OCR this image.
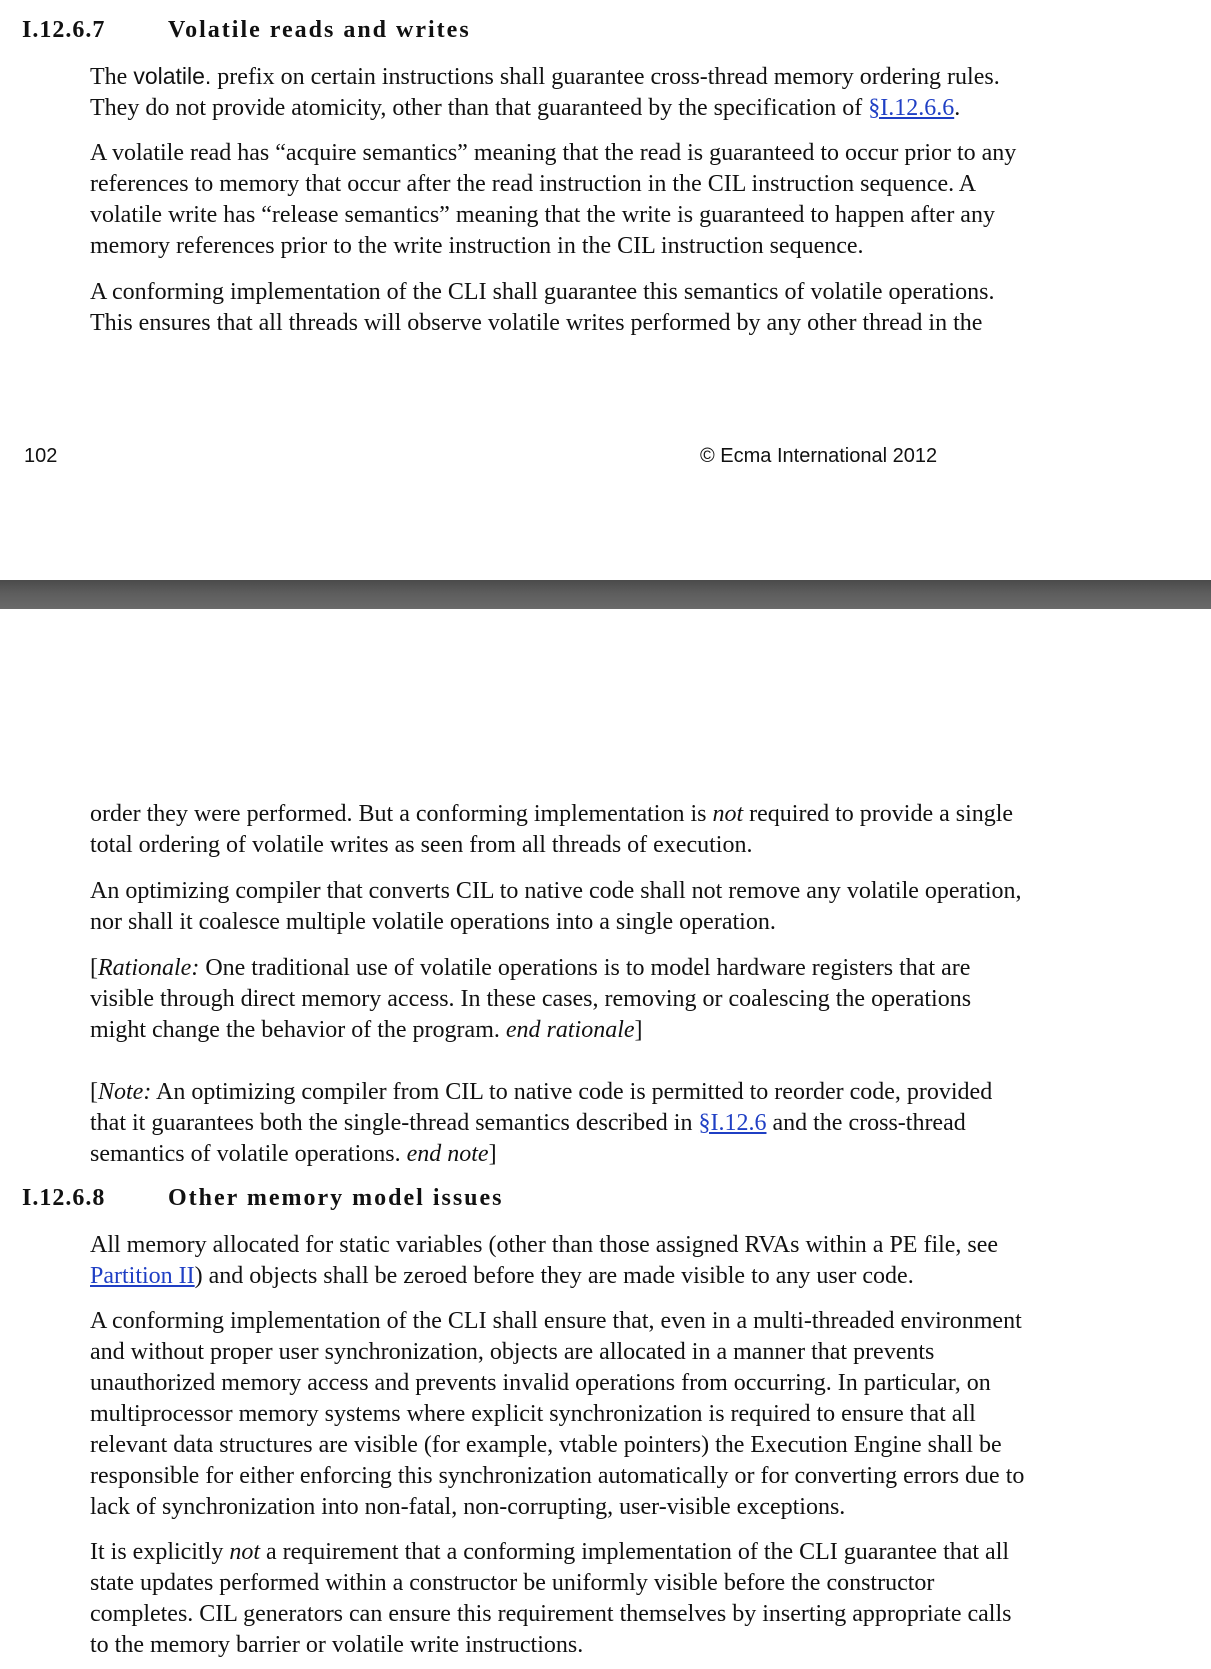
I.12.6.7	Volatile reads and writes
The volatile. prefix on certain instructions shall guarantee cross-thread memory ordering rules.
They do not provide atomicity, other than that guaranteed by the specification of §I.12.6.6.
A volatile read has “acquire semantics” meaning that the read is guaranteed to occur prior to any
references to memory that occur after the read instruction in the CIL instruction sequence. A
volatile write has “release semantics” meaning that the write is guaranteed to happen after any
memory references prior to the write instruction in the CIL instruction sequence.
A conforming implementation of the CLI shall guarantee this semantics of volatile operations.
This ensures that all threads will observe volatile writes performed by any other thread in the
102	© Ecma International 2012
order they were performed. But a conforming implementation is not required to provide a single
total ordering of volatile writes as seen from all threads of execution.
An optimizing compiler that converts CIL to native code shall not remove any volatile operation,
nor shall it coalesce multiple volatile operations into a single operation.
[Rationale: One traditional use of volatile operations is to model hardware registers that are
visible through direct memory access. In these cases, removing or coalescing the operations
might change the behavior of the program. end rationale]
[Note: An optimizing compiler from CIL to native code is permitted to reorder code, provided
that it guarantees both the single-thread semantics described in §I.12.6 and the cross-thread
semantics of volatile operations. end note]
I.12.6.8	Other memory model issues
All memory allocated for static variables (other than those assigned RVAs within a PE file, see
Partition II) and objects shall be zeroed before they are made visible to any user code.
A conforming implementation of the CLI shall ensure that, even in a multi-threaded environment
and without proper user synchronization, objects are allocated in a manner that prevents
unauthorized memory access and prevents invalid operations from occurring. In particular, on
multiprocessor memory systems where explicit synchronization is required to ensure that all
relevant data structures are visible (for example, vtable pointers) the Execution Engine shall be
responsible for either enforcing this synchronization automatically or for converting errors due to
lack of synchronization into non-fatal, non-corrupting, user-visible exceptions.
It is explicitly not a requirement that a conforming implementation of the CLI guarantee that all
state updates performed within a constructor be uniformly visible before the constructor
completes. CIL generators can ensure this requirement themselves by inserting appropriate calls
to the memory barrier or volatile write instructions.
